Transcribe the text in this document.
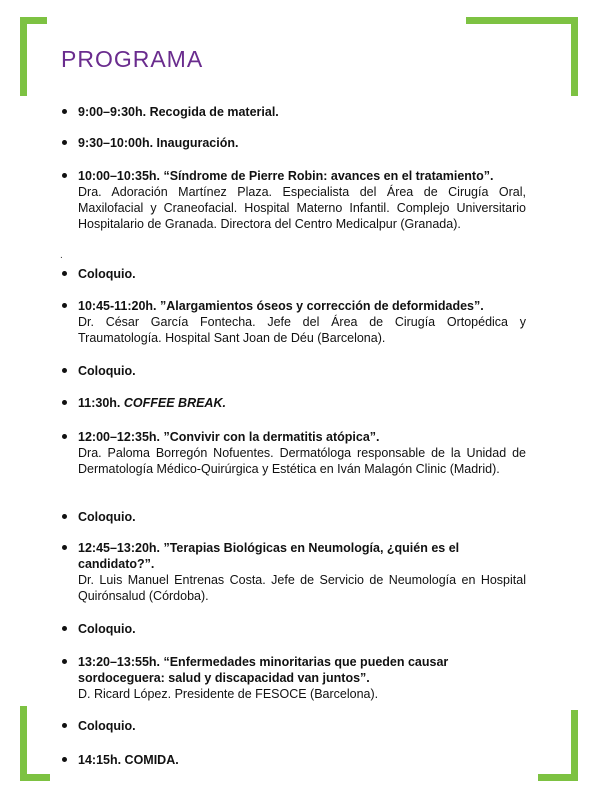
PROGRAMA
.
9:00–9:30h. Recogida de material.
9:30–10:00h. Inauguración.
10:00–10:35h. “Síndrome de Pierre Robin: avances en el tratamiento”.
Dra. Adoración Martínez Plaza. Especialista del Área de Cirugía Oral, Maxilofacial y Craneofacial. Hospital Materno Infantil. Complejo Universitario Hospitalario de Granada. Directora del Centro Medicalpur (Granada).
Coloquio.
10:45-11:20h. ”Alargamientos óseos y corrección de deformidades”.
Dr. César García Fontecha. Jefe del Área de Cirugía Ortopédica y Traumatología. Hospital Sant Joan de Déu (Barcelona).
Coloquio.
11:30h. COFFEE BREAK.
12:00–12:35h. ”Convivir con la dermatitis atópica”.
Dra. Paloma Borregón Nofuentes. Dermatóloga responsable de la Unidad de Dermatología Médico-Quirúrgica y Estética en Iván Malagón Clinic (Madrid).
Coloquio.
12:45–13:20h. ”Terapias Biológicas en Neumología, ¿quién es el candidato?”.
Dr. Luis Manuel Entrenas Costa. Jefe de Servicio de Neumología en Hospital Quirónsalud (Córdoba).
Coloquio.
13:20–13:55h. “Enfermedades minoritarias que pueden causar sordoceguera: salud y discapacidad van juntos”.
D. Ricard López. Presidente de FESOCE (Barcelona).
Coloquio.
14:15h. COMIDA.
